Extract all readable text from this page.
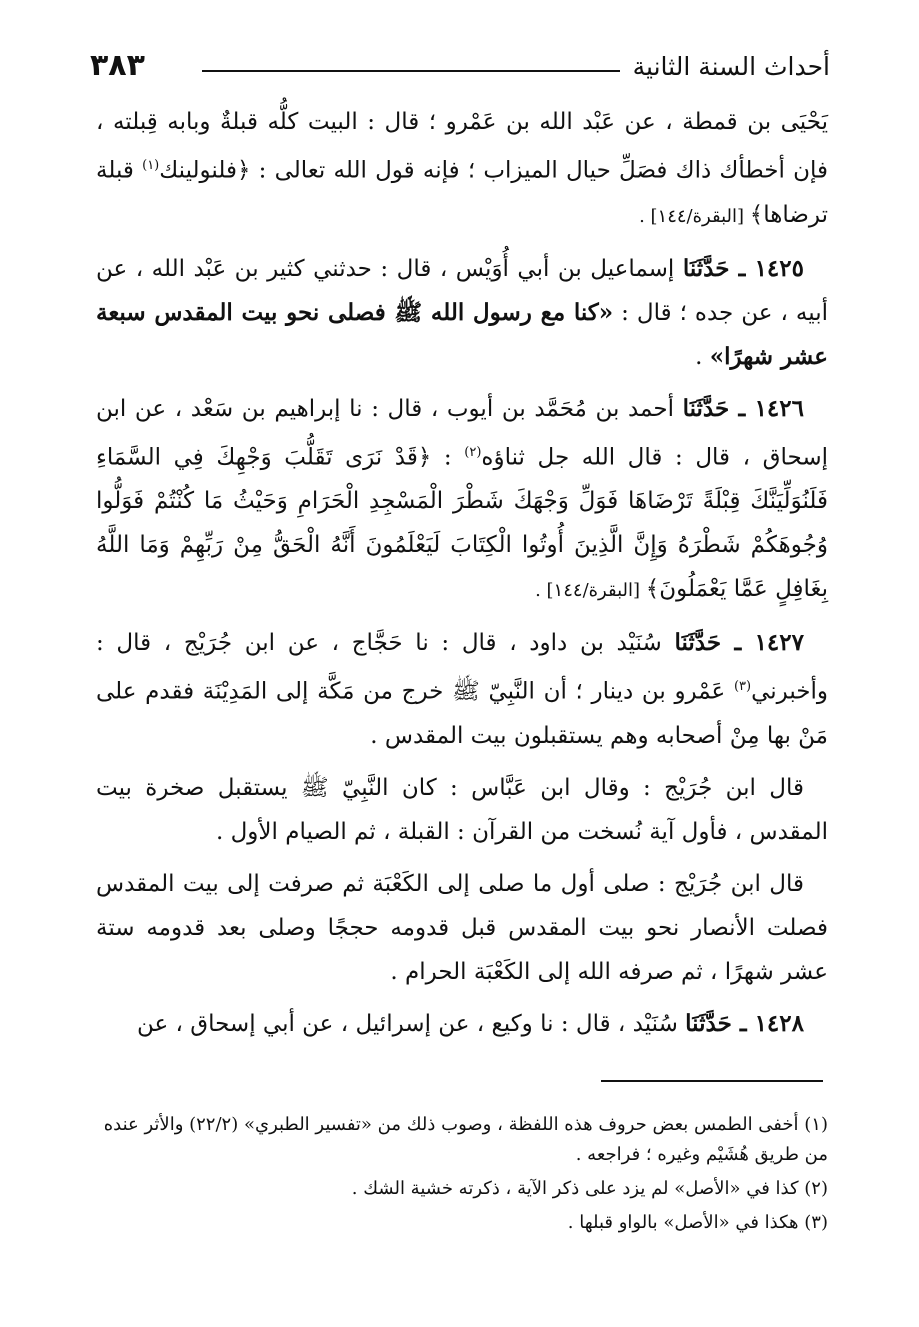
٣٨٣	أحداث السنة الثانية

يَحْيَى بن قمطة ، عن عَبْد الله بن عَمْرو ؛ قال : البيت كلُّه قبلةٌ وبابه قِبلته ، فإن أخطأك ذاك فصَلِّ حيال الميزاب ؛ فإنه قول الله تعالى : ﴿فلنولينك$^{(١)}$ قبلة ترضاها﴾ [البقرة/١٤٤] .

١٤٢٥ ـ حَدَّثَنَا إسماعيل بن أبي أُوَيْس ، قال : حدثني كثير بن عَبْد الله ، عن أبيه ، عن جده ؛ قال : «كنا مع رسول الله ﷺ فصلى نحو بيت المقدس سبعة عشر شهرًا» .

١٤٢٦ ـ حَدَّثَنَا أحمد بن مُحَمَّد بن أيوب ، قال : نا إبراهيم بن سَعْد ، عن ابن إسحاق ، قال : قال الله جل ثناؤه$^{(٢)}$ : ﴿قَدْ نَرَى تَقَلُّبَ وَجْهِكَ فِي السَّمَاءِ فَلَنُوَلِّيَنَّكَ قِبْلَةً تَرْضَاهَا فَوَلِّ وَجْهَكَ شَطْرَ الْمَسْجِدِ الْحَرَامِ وَحَيْثُ مَا كُنْتُمْ فَوَلُّوا وُجُوهَكُمْ شَطْرَهُ وَإِنَّ الَّذِينَ أُوتُوا الْكِتَابَ لَيَعْلَمُونَ أَنَّهُ الْحَقُّ مِنْ رَبِّهِمْ وَمَا اللَّهُ بِغَافِلٍ عَمَّا يَعْمَلُونَ﴾ [البقرة/١٤٤] .

١٤٢٧ ـ حَدَّثَنَا سُنَيْد بن داود ، قال : نا حَجَّاج ، عن ابن جُرَيْج ، قال : وأخبرني$^{(٣)}$ عَمْرو بن دينار ؛ أن النَّبِيّ ﷺ خرج من مَكَّة إلى المَدِيْنَة فقدم على مَنْ بها مِنْ أصحابه وهم يستقبلون بيت المقدس .

قال ابن جُرَيْج : وقال ابن عَبَّاس : كان النَّبِيّ ﷺ يستقبل صخرة بيت المقدس ، فأول آية نُسخت من القرآن : القبلة ، ثم الصيام الأول .

قال ابن جُرَيْج : صلى أول ما صلى إلى الكَعْبَة ثم صرفت إلى بيت المقدس فصلت الأنصار نحو بيت المقدس قبل قدومه حججًا وصلى بعد قدومه ستة عشر شهرًا ، ثم صرفه الله إلى الكَعْبَة الحرام .

١٤٢٨ ـ حَدَّثَنَا سُنَيْد ، قال : نا وكيع ، عن إسرائيل ، عن أبي إسحاق ، عن

(١) أخفى الطمس بعض حروف هذه اللفظة ، وصوب ذلك من «تفسير الطبري» (٢٢/٢) والأثر عنده من طريق هُشَيْم وغيره ؛ فراجعه .

(٢) كذا في «الأصل» لم يزد على ذكر الآية ، ذكرته خشية الشك .

(٣) هكذا في «الأصل» بالواو قبلها .
